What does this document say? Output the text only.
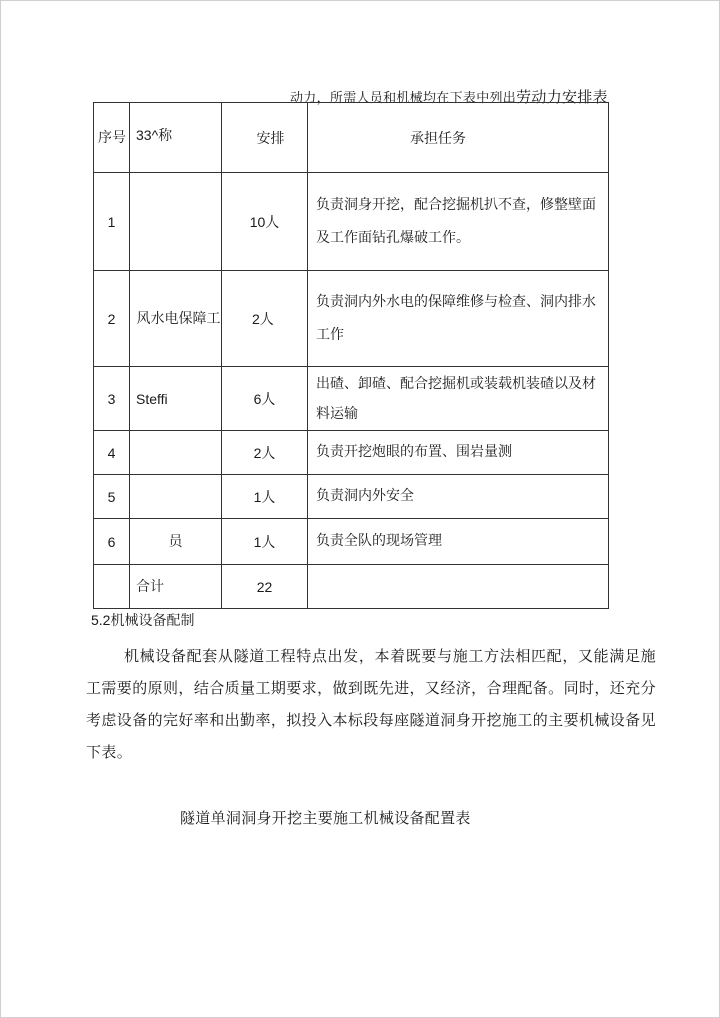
动力，所需人员和机械均在下表中列出劳动力安排表
序号	33^称	安排	承担任务
1		10人	负责洞身开挖，配合挖掘机扒不查，修整壁面及工作面钻孔爆破工作。
2	风水电保障工	2人	负责洞内外水电的保障维修与检查、洞内排水工作
3	Steffi	6人	出碴、卸碴、配合挖掘机或装载机装碴以及材料运输
4		2人	负责开挖炮眼的布置、围岩量测
5		1人	负责洞内外安全
6	员	1人	负责全队的现场管理
	合计	22	
5.2机械设备配制

机械设备配套从隧道工程特点出发，本着既要与施工方法相匹配，又能满足施工需要的原则，结合质量工期要求，做到既先进，又经济，合理配备。同时，还充分考虑设备的完好率和出勤率，拟投入本标段每座隧道洞身开挖施工的主要机械设备见下表。

隧道单洞洞身开挖主要施工机械设备配置表
